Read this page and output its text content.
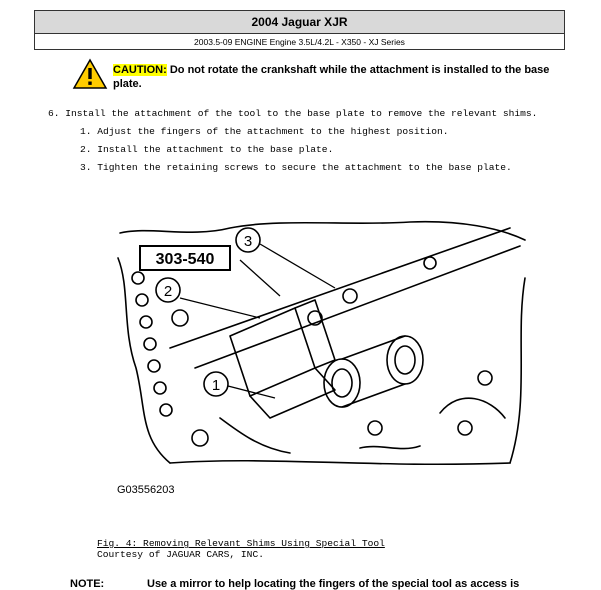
2004 Jaguar XJR
2003.5-09 ENGINE Engine 3.5L/4.2L - X350 - XJ Series
CAUTION: Do not rotate the crankshaft while the attachment is installed to the base plate.
6. Install the attachment of the tool to the base plate to remove the relevant shims.
1. Adjust the fingers of the attachment to the highest position.
2. Install the attachment to the base plate.
3. Tighten the retaining screws to secure the attachment to the base plate.
303-540
2
3
1
G03556203
Fig. 4: Removing Relevant Shims Using Special Tool
Courtesy of JAGUAR CARS, INC.
NOTE:	Use a mirror to help locating the fingers of the special tool as access is
